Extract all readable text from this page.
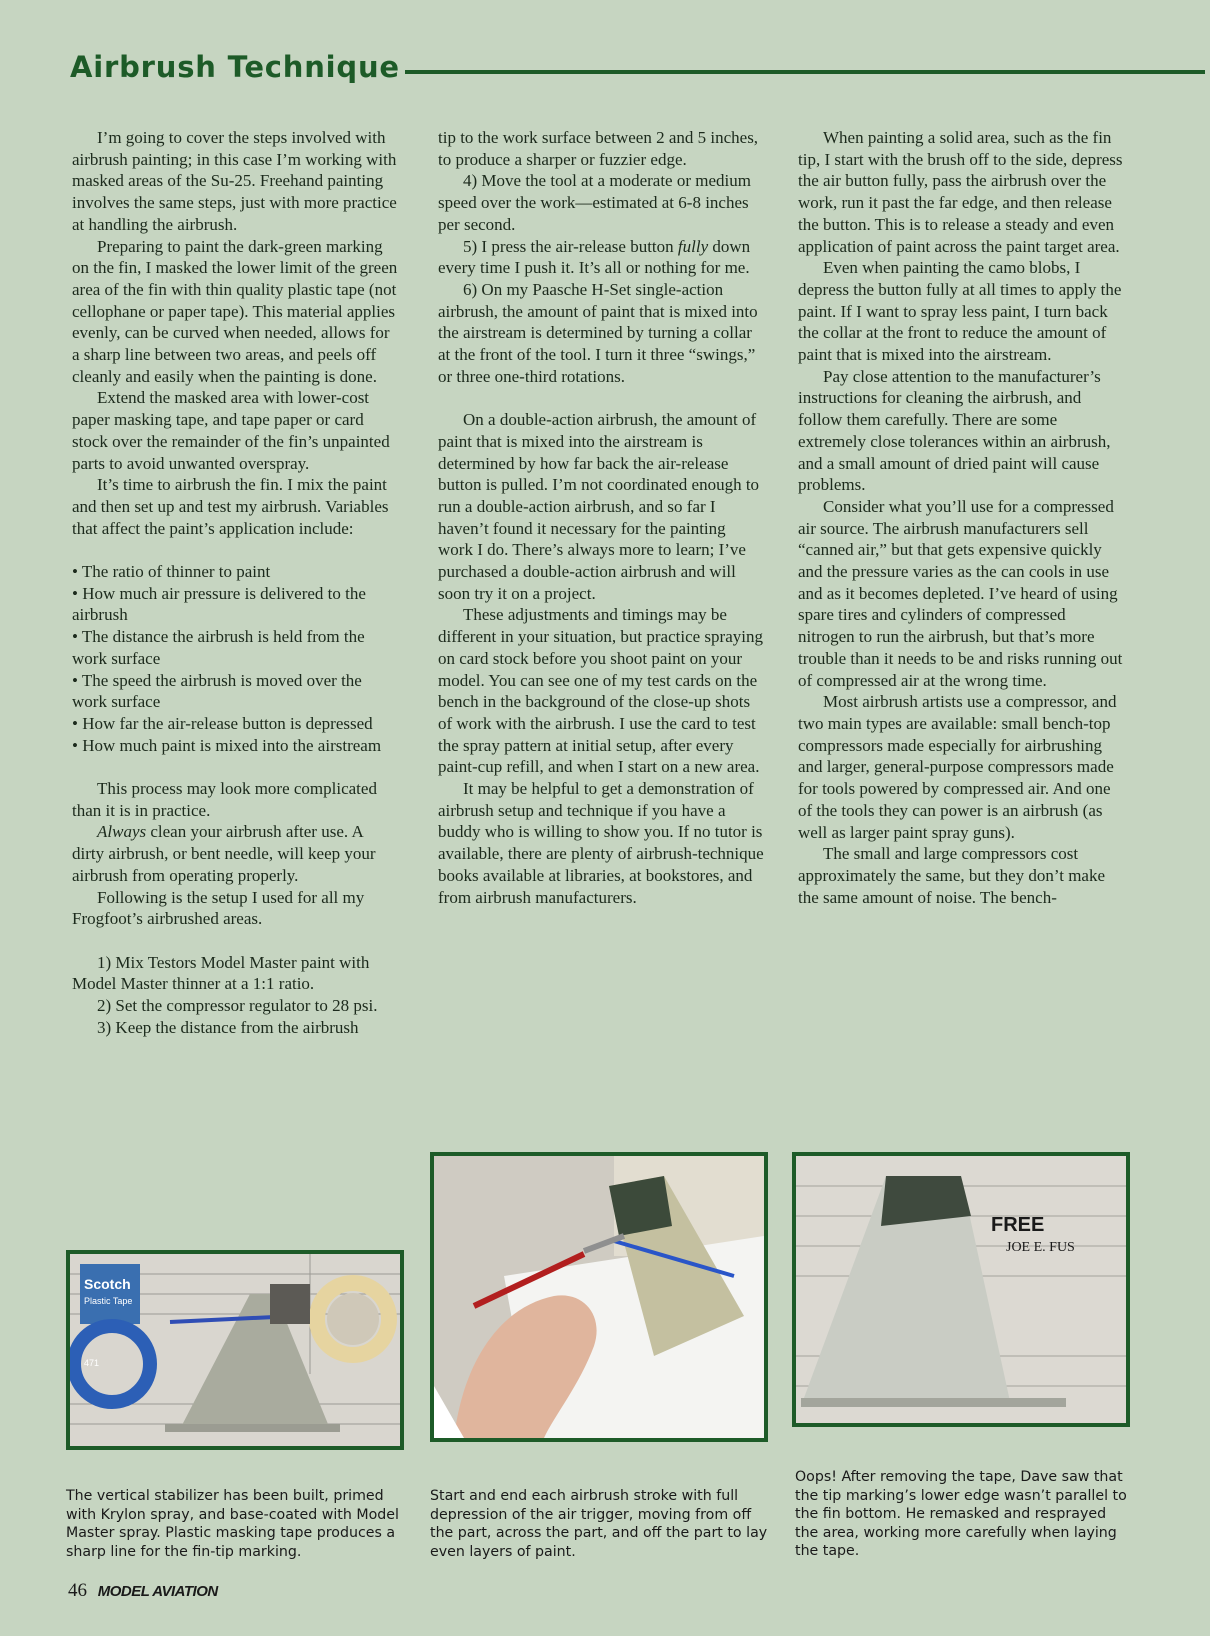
Airbrush Technique

I’m going to cover the steps involved with airbrush painting; in this case I’m working with masked areas of the Su-25. Freehand painting involves the same steps, just with more practice at handling the airbrush.

Preparing to paint the dark-green marking on the fin, I masked the lower limit of the green area of the fin with thin quality plastic tape (not cellophane or paper tape). This material applies evenly, can be curved when needed, allows for a sharp line between two areas, and peels off cleanly and easily when the painting is done.

Extend the masked area with lower-cost paper masking tape, and tape paper or card stock over the remainder of the fin’s unpainted parts to avoid unwanted overspray.

It’s time to airbrush the fin. I mix the paint and then set up and test my airbrush. Variables that affect the paint’s application include:

• The ratio of thinner to paint

• How much air pressure is delivered to the airbrush

• The distance the airbrush is held from the work surface

• The speed the airbrush is moved over the work surface

• How far the air-release button is depressed

• How much paint is mixed into the airstream

This process may look more complicated than it is in practice.

Always clean your airbrush after use. A dirty airbrush, or bent needle, will keep your airbrush from operating properly.

Following is the setup I used for all my Frogfoot’s airbrushed areas.

1) Mix Testors Model Master paint with Model Master thinner at a 1:1 ratio.

2) Set the compressor regulator to 28 psi.

3) Keep the distance from the airbrush

tip to the work surface between 2 and 5 inches, to produce a sharper or fuzzier edge.

4) Move the tool at a moderate or medium speed over the work—estimated at 6-8 inches per second.

5) I press the air-release button fully down every time I push it. It’s all or nothing for me.

6) On my Paasche H-Set single-action airbrush, the amount of paint that is mixed into the airstream is determined by turning a collar at the front of the tool. I turn it three “swings,” or three one-third rotations.

On a double-action airbrush, the amount of paint that is mixed into the airstream is determined by how far back the air-release button is pulled. I’m not coordinated enough to run a double-action airbrush, and so far I haven’t found it necessary for the painting work I do. There’s always more to learn; I’ve purchased a double-action airbrush and will soon try it on a project.

These adjustments and timings may be different in your situation, but practice spraying on card stock before you shoot paint on your model. You can see one of my test cards on the bench in the background of the close-up shots of work with the airbrush. I use the card to test the spray pattern at initial setup, after every paint-cup refill, and when I start on a new area.

It may be helpful to get a demonstration of airbrush setup and technique if you have a buddy who is willing to show you. If no tutor is available, there are plenty of airbrush-technique books available at libraries, at bookstores, and from airbrush manufacturers.

When painting a solid area, such as the fin tip, I start with the brush off to the side, depress the air button fully, pass the airbrush over the work, run it past the far edge, and then release the button. This is to release a steady and even application of paint across the paint target area.

Even when painting the camo blobs, I depress the button fully at all times to apply the paint. If I want to spray less paint, I turn back the collar at the front to reduce the amount of paint that is mixed into the airstream.

Pay close attention to the manufacturer’s instructions for cleaning the airbrush, and follow them carefully. There are some extremely close tolerances within an airbrush, and a small amount of dried paint will cause problems.

Consider what you’ll use for a compressed air source. The airbrush manufacturers sell “canned air,” but that gets expensive quickly and the pressure varies as the can cools in use and as it becomes depleted. I’ve heard of using spare tires and cylinders of compressed nitrogen to run the airbrush, but that’s more trouble than it needs to be and risks running out of compressed air at the wrong time.

Most airbrush artists use a compressor, and two main types are available: small bench-top compressors made especially for airbrushing and larger, general-purpose compressors made for tools powered by compressed air. And one of the tools they can power is an airbrush (as well as larger paint spray guns).

The small and large compressors cost approximately the same, but they don’t make the same amount of noise. The bench-

Scotch
Plastic Tape
471
JOE E. FUS
FREE
The vertical stabilizer has been built, primed with Krylon spray, and base-coated with Model Master spray. Plastic masking tape produces a sharp line for the fin-tip marking.
Start and end each airbrush stroke with full depression of the air trigger, moving from off the part, across the part, and off the part to lay even layers of paint.
Oops! After removing the tape, Dave saw that the tip marking’s lower edge wasn’t parallel to the fin bottom. He remasked and resprayed the area, working more carefully when laying the tape.
46 MODEL AVIATION
